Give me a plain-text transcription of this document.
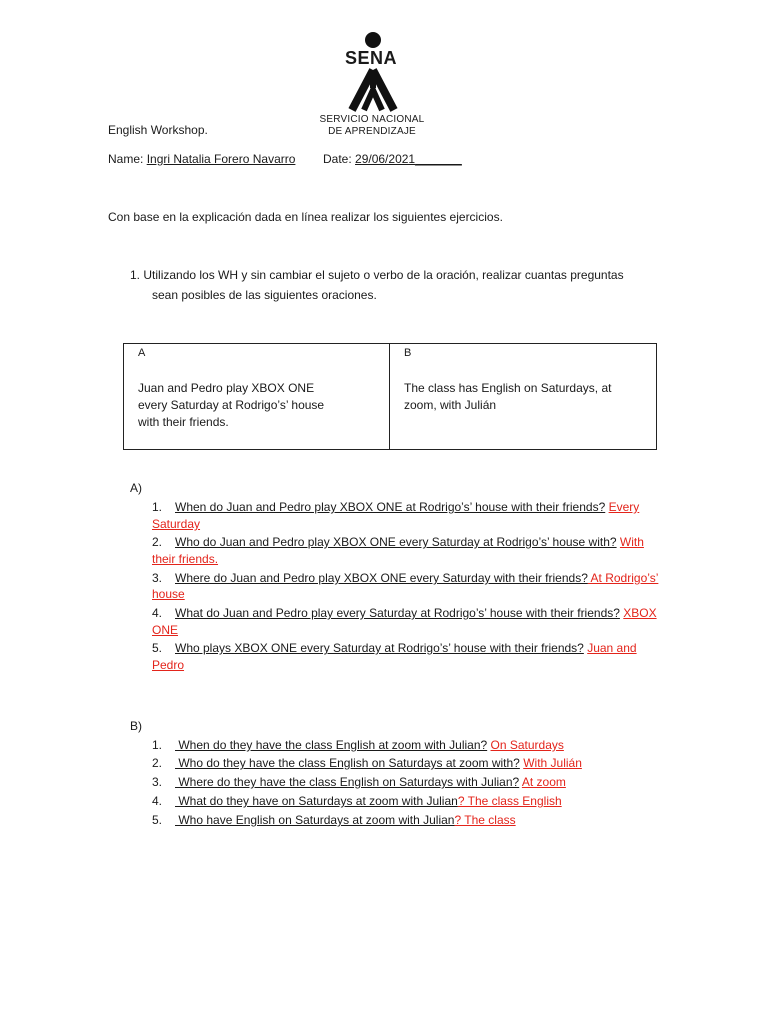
SENA
SERVICIO NACIONAL
DE APRENDIZAJE
English Workshop.
Name: Ingri Natalia Forero Navarro Date: 29/06/2021_______
Con base en la explicación dada en línea realizar los siguientes ejercicios.
1. Utilizando los WH y sin cambiar el sujeto o verbo de la oración, realizar cuantas preguntas
sean posibles de las siguientes oraciones.
A
Juan and Pedro play XBOX ONE
every Saturday at Rodrigo’s’ house
with their friends.
B
The class has English on Saturdays, at
zoom, with Julián
A)
1. When do Juan and Pedro play XBOX ONE at Rodrigo’s’ house with their friends? Every
Saturday
2. Who do Juan and Pedro play XBOX ONE every Saturday at Rodrigo’s’ house with? With
their friends.
3. Where do Juan and Pedro play XBOX ONE every Saturday with their friends? At Rodrigo’s’
house
4. What do Juan and Pedro play every Saturday at Rodrigo’s’ house with their friends? XBOX
ONE
5. Who plays XBOX ONE every Saturday at Rodrigo’s’ house with their friends? Juan and
Pedro
B)
1. When do they have the class English at zoom with Julian? On Saturdays
2. Who do they have the class English on Saturdays at zoom with? With Julián
3. Where do they have the class English on Saturdays with Julian? At zoom
4. What do they have on Saturdays at zoom with Julian? The class English
5. Who have English on Saturdays at zoom with Julian? The class
